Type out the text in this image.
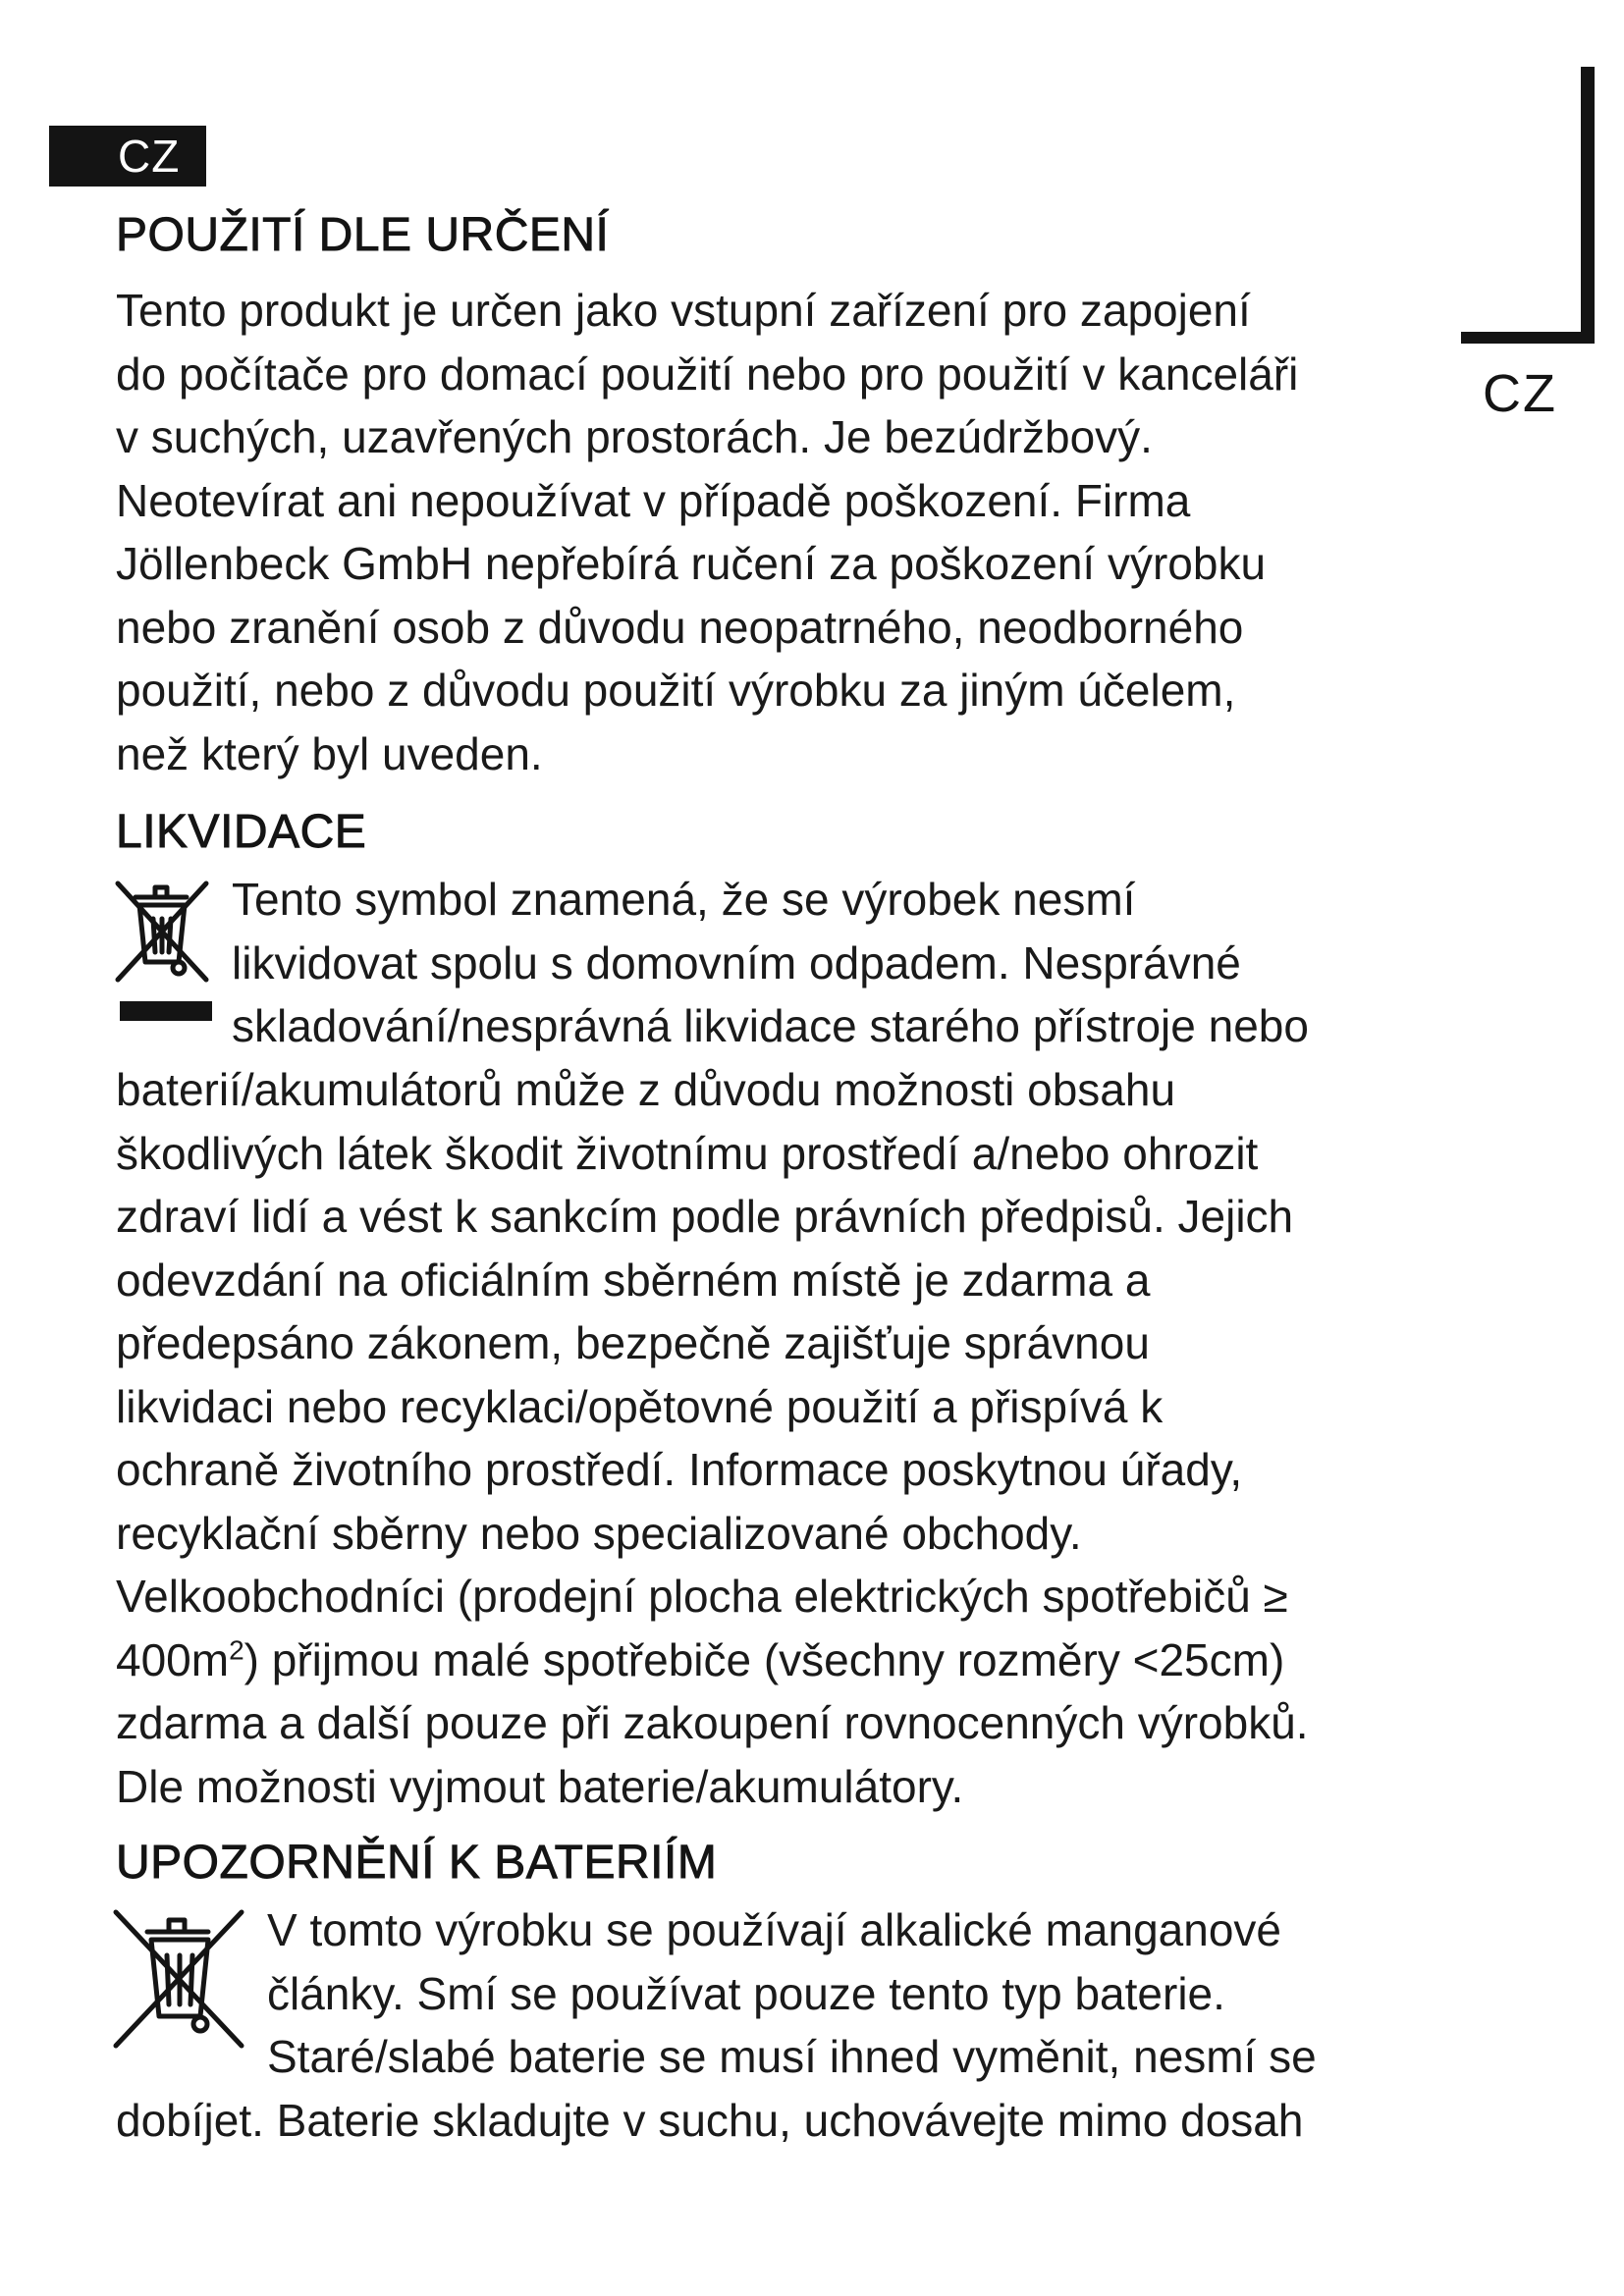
CZ
CZ
POUŽITÍ DLE URČENÍ

Tento produkt je určen jako vstupní zařízení pro zapojení
do počítače pro domací použití nebo pro použití v kanceláři
v suchých, uzavřených prostorách. Je bezúdržbový.
Neotevírat ani nepoužívat v případě poškození. Firma
Jöllenbeck GmbH nepřebírá ručení za poškození výrobku
nebo zranění osob z důvodu neopatrného, neodborného
použití, nebo z důvodu použití výrobku za jiným účelem,
než který byl uveden.

LIKVIDACE

Tento symbol znamená, že se výrobek nesmí
likvidovat spolu s domovním odpadem. Nesprávné
skladování/nesprávná likvidace starého přístroje nebo

baterií/akumulátorů může z důvodu možnosti obsahu
škodlivých látek škodit životnímu prostředí a/nebo ohrozit
zdraví lidí a vést k sankcím podle právních předpisů. Jejich
odevzdání na oficiálním sběrném místě je zdarma a
předepsáno zákonem, bezpečně zajišťuje správnou
likvidaci nebo recyklaci/opětovné použití a přispívá k
ochraně životního prostředí. Informace poskytnou úřady,
recyklační sběrny nebo specializované obchody.
Velkoobchodníci (prodejní plocha elektrických spotřebičů ≥
$400m^2$) přijmou malé spotřebiče (všechny rozměry <25cm)
zdarma a další pouze při zakoupení rovnocenných výrobků.
Dle možnosti vyjmout baterie/akumulátory.

UPOZORNĚNÍ K BATERIÍM

V tomto výrobku se používají alkalické manganové
články. Smí se používat pouze tento typ baterie.
Staré/slabé baterie se musí ihned vyměnit, nesmí se

dobíjet. Baterie skladujte v suchu, uchovávejte mimo dosah
